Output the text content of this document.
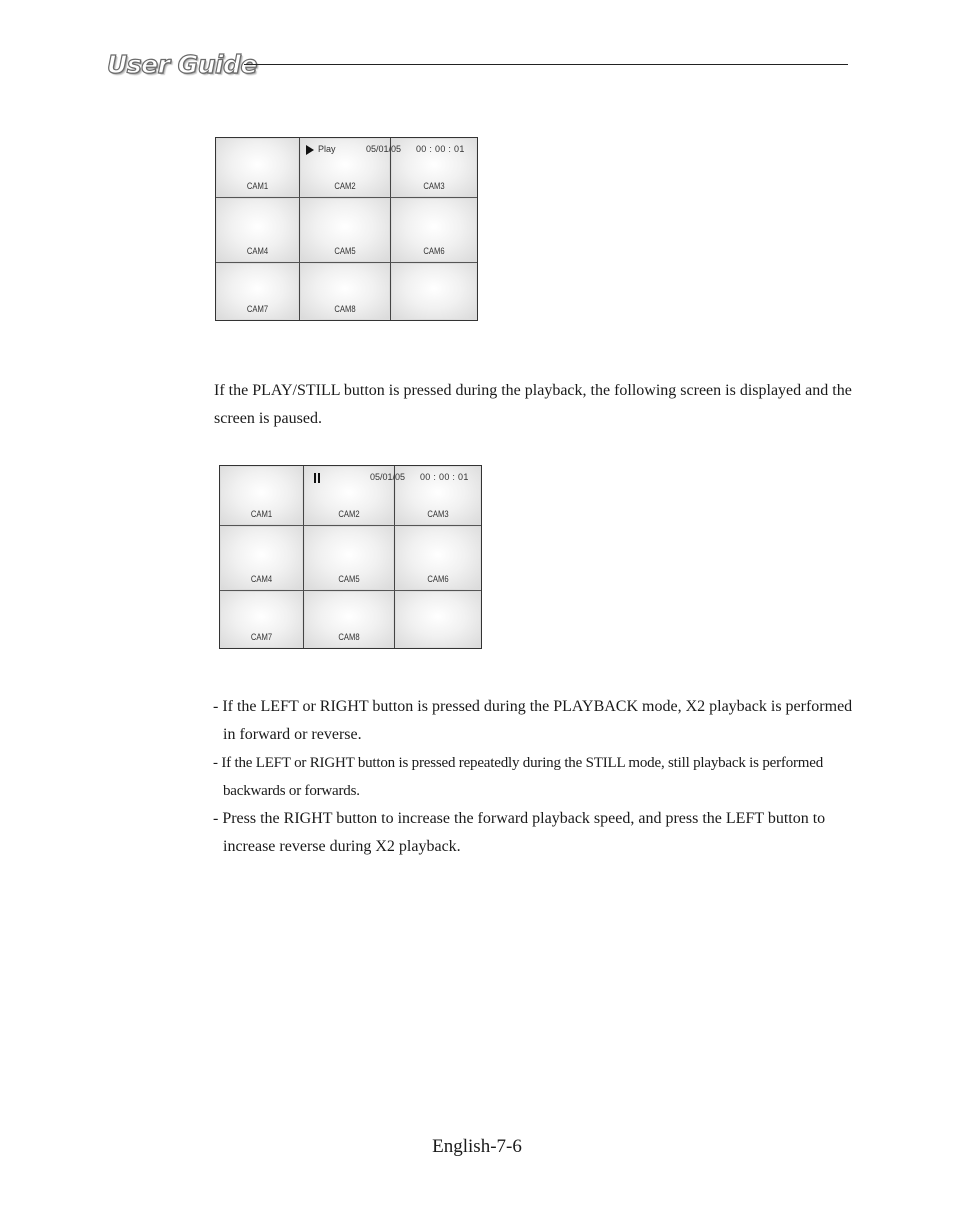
User Guide
CAM1	CAM2	CAM3
CAM4	CAM5	CAM6
CAM7	CAM8
Play	05/01/05 00 : 00 : 01

If the PLAY/STILL button is pressed during the playback, the following screen is displayed and the screen is paused.

CAM1	CAM2	CAM3
CAM4	CAM5	CAM6
CAM7	CAM8
05/01/05 00 : 00 : 01
- If the LEFT or RIGHT button is pressed during the PLAYBACK mode, X2 playback is performed in forward or reverse.
- If the LEFT or RIGHT button is pressed repeatedly during the STILL mode, still playback is performed backwards or forwards.
- Press the RIGHT button to increase the forward playback speed, and press the LEFT button to increase reverse during X2 playback.
English-7-6
